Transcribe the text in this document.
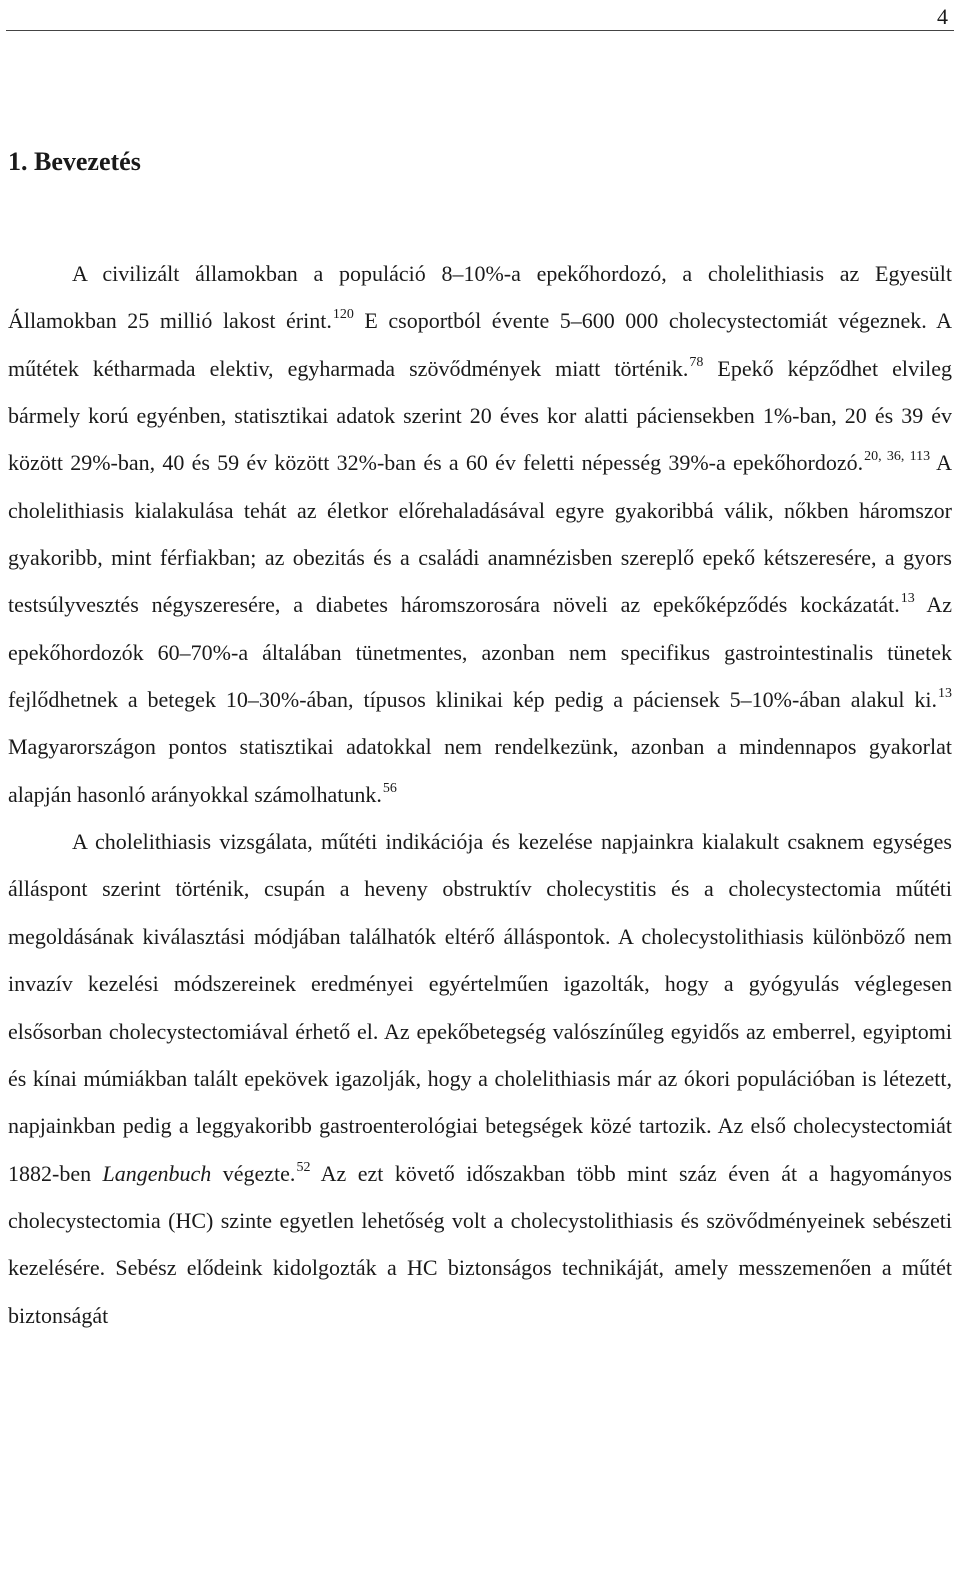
4
1. Bevezetés

A civilizált államokban a populáció 8–10%-a epekőhordozó, a cholelithiasis az Egyesült Államokban 25 millió lakost érint.$^{120}$ E csoportból évente 5–600 000 cholecystectomiát végeznek. A műtétek kétharmada elektiv, egyharmada szövődmények miatt történik.$^{78}$ Epekő képződhet elvileg bármely korú egyénben, statisztikai adatok szerint 20 éves kor alatti páciensekben 1%-ban, 20 és 39 év között 29%-ban, 40 és 59 év között 32%-ban és a 60 év feletti népesség 39%-a epekőhordozó.$^{20, 36, 113}$ A cholelithiasis kialakulása tehát az életkor előrehaladásával egyre gyakoribbá válik, nőkben háromszor gyakoribb, mint férfiakban; az obezitás és a családi anamnézisben szereplő epekő kétszeresére, a gyors testsúlyvesztés négyszeresére, a diabetes háromszorosára növeli az epekőképződés kockázatát.$^{13}$ Az epekőhordozók 60–70%-a általában tünetmentes, azonban nem specifikus gastrointestinalis tünetek fejlődhetnek a betegek 10–30%-ában, típusos klinikai kép pedig a páciensek 5–10%-ában alakul ki.$^{13}$ Magyarországon pontos statisztikai adatokkal nem rendelkezünk, azonban a mindennapos gyakorlat alapján hasonló arányokkal számolhatunk.$^{56}$

A cholelithiasis vizsgálata, műtéti indikációja és kezelése napjainkra kialakult csaknem egységes álláspont szerint történik, csupán a heveny obstruktív cholecystitis és a cholecystectomia műtéti megoldásának kiválasztási módjában találhatók eltérő álláspontok. A cholecystolithiasis különböző nem invazív kezelési módszereinek eredményei egyértelműen igazolták, hogy a gyógyulás véglegesen elsősorban cholecystectomiával érhető el. Az epekőbetegség valószínűleg egyidős az emberrel, egyiptomi és kínai múmiákban talált epekövek igazolják, hogy a cholelithiasis már az ókori populációban is létezett, napjainkban pedig a leggyakoribb gastroenterológiai betegségek közé tartozik. Az első cholecystectomiát 1882-ben Langenbuch végezte.$^{52}$ Az ezt követő időszakban több mint száz éven át a hagyományos cholecystectomia (HC) szinte egyetlen lehetőség volt a cholecystolithiasis és szövődményeinek sebészeti kezelésére. Sebész elődeink kidolgozták a HC biztonságos technikáját, amely messzemenően a műtét biztonságát
